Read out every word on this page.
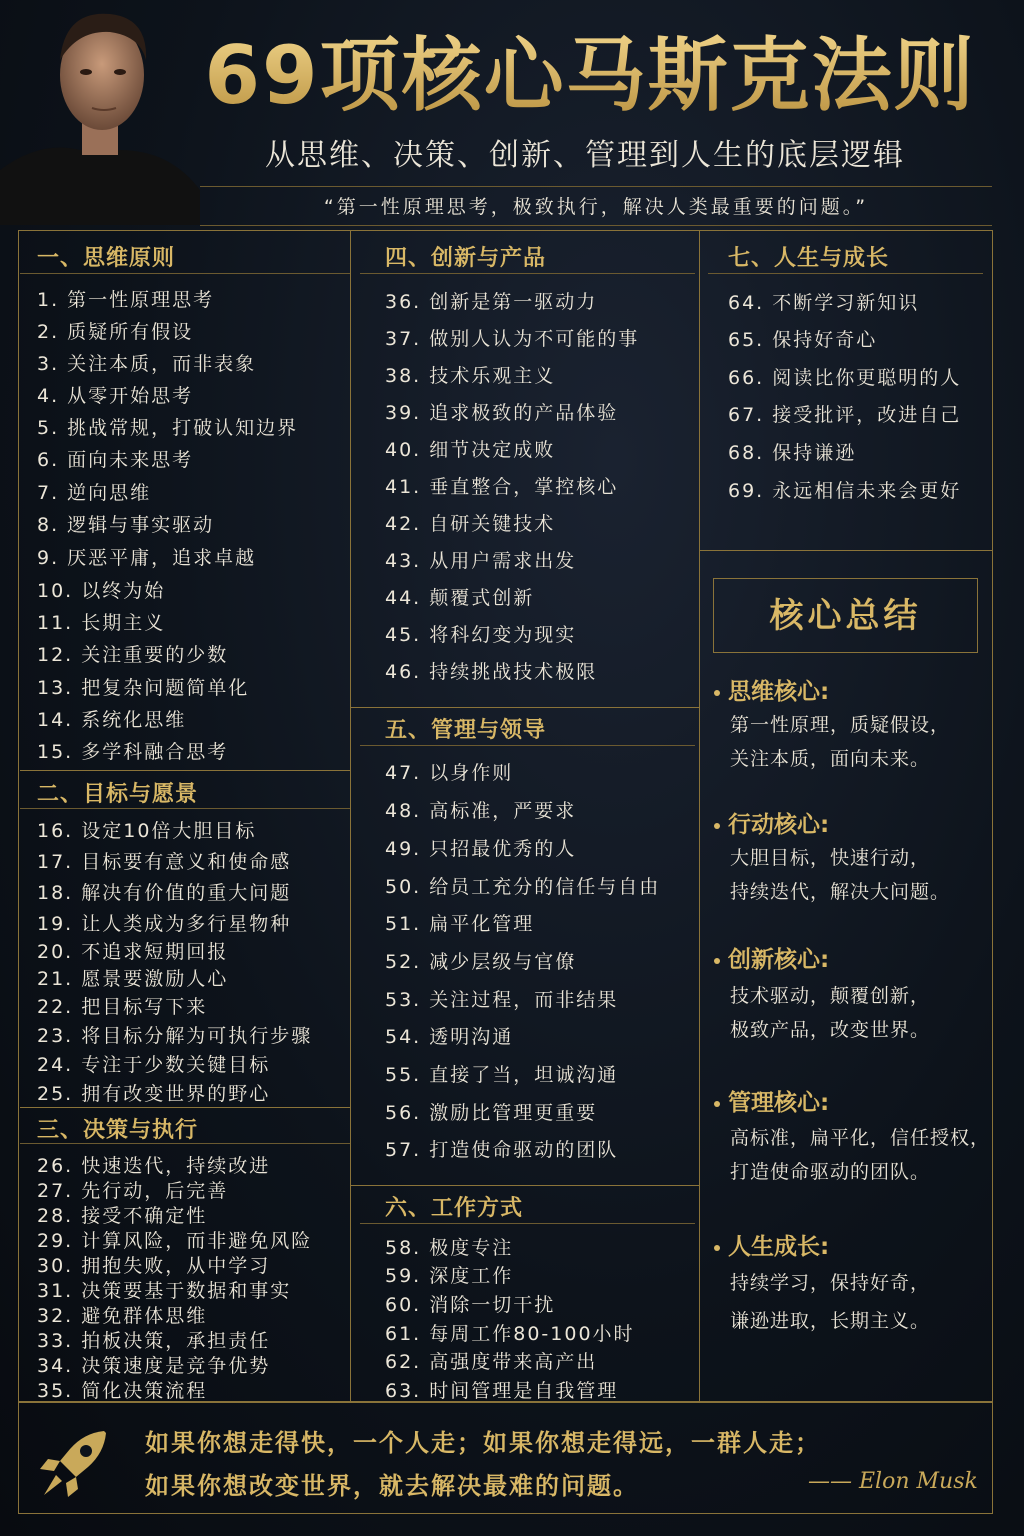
69项核心马斯克法则
从思维、决策、创新、管理到人生的底层逻辑
“第一性原理思考，极致执行，解决人类最重要的问题。”
一、思维原则
1. 第一性原理思考
2. 质疑所有假设
3. 关注本质，而非表象
4. 从零开始思考
5. 挑战常规，打破认知边界
6. 面向未来思考
7. 逆向思维
8. 逻辑与事实驱动
9. 厌恶平庸，追求卓越
10. 以终为始
11. 长期主义
12. 关注重要的少数
13. 把复杂问题简单化
14. 系统化思维
15. 多学科融合思考
二、目标与愿景
16. 设定10倍大胆目标
17. 目标要有意义和使命感
18. 解决有价值的重大问题
19. 让人类成为多行星物种
20. 不追求短期回报
21. 愿景要激励人心
22. 把目标写下来
23. 将目标分解为可执行步骤
24. 专注于少数关键目标
25. 拥有改变世界的野心
三、决策与执行
26. 快速迭代，持续改进
27. 先行动，后完善
28. 接受不确定性
29. 计算风险，而非避免风险
30. 拥抱失败，从中学习
31. 决策要基于数据和事实
32. 避免群体思维
33. 拍板决策，承担责任
34. 决策速度是竞争优势
35. 简化决策流程
四、创新与产品
36. 创新是第一驱动力
37. 做别人认为不可能的事
38. 技术乐观主义
39. 追求极致的产品体验
40. 细节决定成败
41. 垂直整合，掌控核心
42. 自研关键技术
43. 从用户需求出发
44. 颠覆式创新
45. 将科幻变为现实
46. 持续挑战技术极限
五、管理与领导
47. 以身作则
48. 高标准，严要求
49. 只招最优秀的人
50. 给员工充分的信任与自由
51. 扁平化管理
52. 减少层级与官僚
53. 关注过程，而非结果
54. 透明沟通
55. 直接了当，坦诚沟通
56. 激励比管理更重要
57. 打造使命驱动的团队
六、工作方式
58. 极度专注
59. 深度工作
60. 消除一切干扰
61. 每周工作80-100小时
62. 高强度带来高产出
63. 时间管理是自我管理
七、人生与成长
64. 不断学习新知识
65. 保持好奇心
66. 阅读比你更聪明的人
67. 接受批评，改进自己
68. 保持谦逊
69. 永远相信未来会更好
核心总结
思维核心:
第一性原理，质疑假设，
关注本质，面向未来。
行动核心:
大胆目标，快速行动，
持续迭代，解决大问题。
创新核心:
技术驱动，颠覆创新，
极致产品，改变世界。
管理核心:
高标准，扁平化，信任授权，
打造使命驱动的团队。
人生成长:
持续学习，保持好奇，
谦逊进取，长期主义。
如果你想走得快，一个人走；如果你想走得远，一群人走；
如果你想改变世界，就去解决最难的问题。	—— Elon Musk
